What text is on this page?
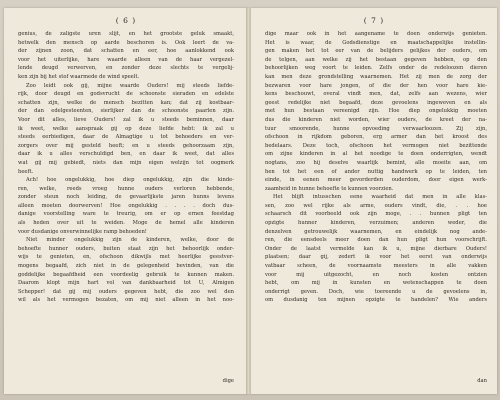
( 6 )
genius, de zaligste uren slijt, en het grootste geluk smaakt,
hetwelk den mensch op aarde beschoren is. Ook leert de va-
der zijnen zoon, dat schatten en eer, hoe aanlokkend ook
voor het uiterlijke, hare waarde alleen van de haar vergezel-
lende deugd verwerven, en zonder deze slechts te vergelij-
ken zijn bij het stof waarmede de wind speelt.
Zoo leidt ook gij, mijne waarde Ouders! mij steeds liefde-
rijk, door deugd en godsvrucht de schoonste sieraden en edelste
schatten zijn, welke de mensch bezitten kan; dat zij kostbaar-
der dan edelgesteenten, sierlijker dan de schoonste paarlen zijn.
Voor dit alles, lieve Ouders! zal ik u steeds beminnen, daar
ik weet, welke aanspraak gij op deze liefde hebt: ik zal u
steeds eerbiedigen, daar de Almagtige u tot behoeders en ver-
zorgers over mij gesteld heeft; en u steeds gehoorzaam zijn,
daar ik u alles verschuldigd ben, en daar ik weet, dat alles
wat gij mij gebiedt, niets dan mijn eigen welzijn tot oogmerk
heeft.
Ach! hoe ongelukkig, hoe diep ongelukkig, zijn die kinde-
ren, welke, reeds vroeg hunne ouders verloren hebbende,
zonder steun noch leiding, de gevaarlijkste jaren hunns levens
alleen moeten doorwerven! Hoe ongelukkig . . . . doch dus-
danige voorstelling ware te treurig, om er op ernen feestdag
als heden over uit te weiden. Moge de hemel alle kinderen
voor dusdanige onverwinnelijke ramp behoeden!
Niet minder ongelukkig zijn de kinderen, welke, door de
behoefte hunner ouders, buiten staat zijn het behoorlijk onder-
wijs te genieten, en, ofschoon dikwijls met heerlijke geestver-
mogens begaafd, zich niet in de gelegenheid bevinden, van die
goddelijke begaafdheid een voordeelig gebruik te kunnen maken.
Daarom klopt mijn hart vol van dankbaarheid tot U, Almigen
Schepper! dat gij mij ouders gegeven hebt, die zoo wel den
wil als het vermogen bezaten, om mij niet alleen in het noo-
dige
( 7 )
dige maar ook in het aangename te doen onderwijs genieten.
Het is waar, de Godsdienstige en maatschappelijke instellin-
gen maken het tot eer van de belijders gelijkes der ouders, om
de telgen, aan welke zij het bestaan gegeven hebben, op den
behoorlijken weg voort te leiden. Zelfs onder de redeloozen dieren
kan men deze grondstelling waarnemen. Het zij men de zorg der
bezwaren voor hare jongen, of die der hen voor hare kie-
kens beschouwt, overal vindt men, dat, zelfs aan wezens, wier
geest redelijke niet begaafd, deze gevoelens ingeweven en als
met hun bestaan vereenigd zijn. Hoe diep ongelukkig moeten
dus die kinderen niet worden, wier ouders, de kreet der na-
tuur smoorende, hunne opvoeding verwaarloozen. Zij zijn,
ofschoon in rijkdom geboren, erg armer dan het kroost des
bedelaars. Deze toch, ofschoon het vermogen niet bezittende
om zijne kinderen in al het noodige te doen onderrigten, wendt
nogtans, zoo hij deselve waarlijk bemint, alle moeite aan, om
hen tot het een of ander nuttig handwerk op te leiden, ten
einde, in eenen meer gevorderden ouderdom, door eigen werk-
zaamheid in hunne behoefte te kunnen voorzien.
Het blijft intusschen eene waarheid dat men in alle klas-
sen, zoo wel rijke als arme, ouders vindt, die, . . hoe
schaarsch dit voorbeeld ook zijn moge, . . hunnen pligt ten
opzigte hunner kinderen, verzuimen; anderen weder, die
denzelven getrouwelijk waarnemen, en eindelijk nog ande-
ren, die eensdeels meer doen dan hun pligt hun voorschrijft.
Onder de laatst vermelde kan ik u, mijne dierbare Ouders!
plaatsen; daar gij, zedert ik voor het eerst van onderwijs
vatbaar scheen, de voornaamste meesters in alle vakken
voor mij uitgezocht, en noch kosten ontzien
hebt, om mij in kunsten en wetenschappen te doen
onderrigt geven. Doch, wie toereende u de gevoelens in,
om dusdanig ten mijnen opzigte te handelen? Wie anders
dan
